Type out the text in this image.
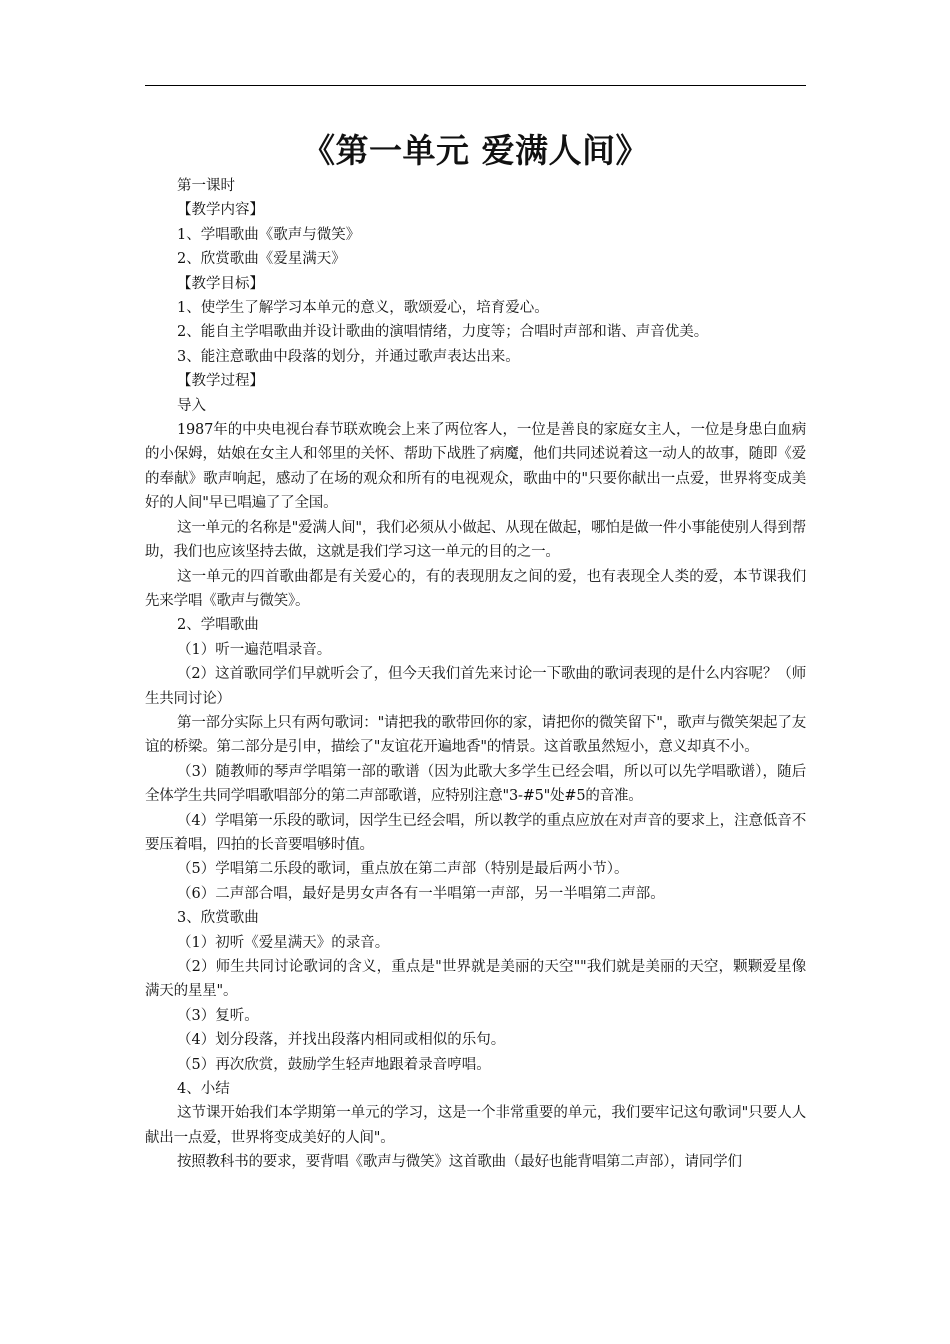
《第一单元 爱满人间》

第一课时

【教学内容】

1、学唱歌曲《歌声与微笑》

2、欣赏歌曲《爱星满天》

【教学目标】

1、使学生了解学习本单元的意义，歌颂爱心，培育爱心。

2、能自主学唱歌曲并设计歌曲的演唱情绪，力度等；合唱时声部和谐、声音优美。

3、能注意歌曲中段落的划分，并通过歌声表达出来。

【教学过程】

导入

1987年的中央电视台春节联欢晚会上来了两位客人，一位是善良的家庭女主人，一位是身患白血病的小保姆，姑娘在女主人和邻里的关怀、帮助下战胜了病魔，他们共同述说着这一动人的故事，随即《爱的奉献》歌声响起，感动了在场的观众和所有的电视观众，歌曲中的"只要你献出一点爱，世界将变成美好的人间"早已唱遍了了全国。

这一单元的名称是"爱满人间"，我们必须从小做起、从现在做起，哪怕是做一件小事能使别人得到帮助，我们也应该坚持去做，这就是我们学习这一单元的目的之一。

这一单元的四首歌曲都是有关爱心的，有的表现朋友之间的爱，也有表现全人类的爱，本节课我们先来学唱《歌声与微笑》。

2、学唱歌曲

（1）听一遍范唱录音。

（2）这首歌同学们早就听会了，但今天我们首先来讨论一下歌曲的歌词表现的是什么内容呢？（师生共同讨论）

第一部分实际上只有两句歌词："请把我的歌带回你的家，请把你的微笑留下"，歌声与微笑架起了友谊的桥梁。第二部分是引申，描绘了"友谊花开遍地香"的情景。这首歌虽然短小，意义却真不小。

（3）随教师的琴声学唱第一部的歌谱（因为此歌大多学生已经会唱，所以可以先学唱歌谱），随后全体学生共同学唱歌唱部分的第二声部歌谱，应特别注意"3-#5"处#5的音准。

（4）学唱第一乐段的歌词，因学生已经会唱，所以教学的重点应放在对声音的要求上，注意低音不要压着唱，四拍的长音要唱够时值。

（5）学唱第二乐段的歌词，重点放在第二声部（特别是最后两小节）。

（6）二声部合唱，最好是男女声各有一半唱第一声部，另一半唱第二声部。

3、欣赏歌曲

（1）初听《爱星满天》的录音。

（2）师生共同讨论歌词的含义，重点是"世界就是美丽的天空""我们就是美丽的天空，颗颗爱星像满天的星星"。

（3）复听。

（4）划分段落，并找出段落内相同或相似的乐句。

（5）再次欣赏，鼓励学生轻声地跟着录音哼唱。

4、小结

这节课开始我们本学期第一单元的学习，这是一个非常重要的单元，我们要牢记这句歌词"只要人人献出一点爱，世界将变成美好的人间"。

按照教科书的要求，要背唱《歌声与微笑》这首歌曲（最好也能背唱第二声部），请同学们
